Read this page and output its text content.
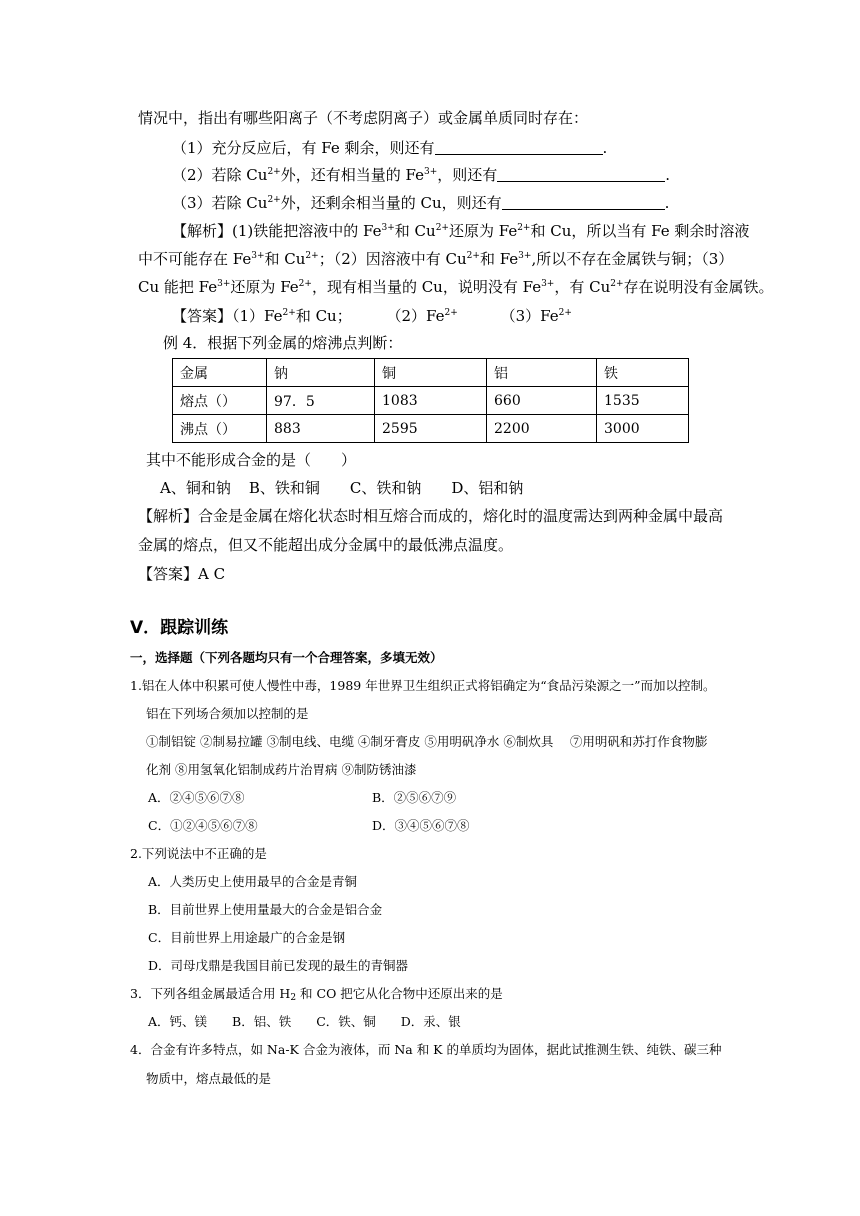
情况中，指出有哪些阳离子（不考虑阴离子）或金属单质同时存在：
（1）充分反应后，有 Fe 剩余，则还有	.
（2）若除 $Cu^{2+}$外，还有相当量的 $Fe^{3+}$，则还有	.
（3）若除 $Cu^{2+}$外，还剩余相当量的 Cu，则还有	.
【解析】(1)铁能把溶液中的 $Fe^{3+}$和 $Cu^{2+}$还原为 $Fe^{2+}$和 Cu，所以当有 Fe 剩余时溶液
中不可能存在 $Fe^{3+}$和 $Cu^{2+}$；（2）因溶液中有 $Cu^{2+}$和 $Fe^{3+}$,所以不存在金属铁与铜；（3）
Cu 能把 $Fe^{3+}$还原为 $Fe^{2+}$，现有相当量的 Cu，说明没有 $Fe^{3+}$，有 $Cu^{2+}$存在说明没有金属铁。
【答案】$(1)Fe^{2+}$和 Cu； $(2)Fe^{2+}$	$(3)Fe^{2+}$
例 4．根据下列金属的熔沸点判断：
金属	钠	铜	铝	铁
熔点（）	97．5	1083	660	1535
沸点（）	883	2595	2200	3000
其中不能形成合金的是（　　）
A、铜和钠 B、铁和铜 C、铁和钠 D、铝和钠
【解析】合金是金属在熔化状态时相互熔合而成的，熔化时的温度需达到两种金属中最高
金属的熔点，但又不能超出成分金属中的最低沸点温度。
【答案】A C
V．跟踪训练
一，选择题（下列各题均只有一个合理答案，多填无效）
1.铝在人体中积累可使人慢性中毒，1989 年世界卫生组织正式将铝确定为“食品污染源之一”而加以控制。
铝在下列场合须加以控制的是
①制铝锭 ②制易拉罐 ③制电线、电缆 ④制牙膏皮 ⑤用明矾净水 ⑥制炊具 　⑦用明矾和苏打作食物膨
化剂 ⑧用氢氧化铝制成药片治胃病 ⑨制防锈油漆
A．②④⑤⑥⑦⑧	B．②⑤⑥⑦⑨
C．①②④⑤⑥⑦⑧	D．③④⑤⑥⑦⑧
2.下列说法中不正确的是
A．人类历史上使用最早的合金是青铜
B．目前世界上使用量最大的合金是铝合金
C．目前世界上用途最广的合金是钢
D．司母戊鼎是我国目前已发现的最生的青铜器
3．下列各组金属最适合用 $H_2$ 和 CO 把它从化合物中还原出来的是
A．钙、镁　　B．铝、铁　　C．铁、铜　　D．汞、银
4．合金有许多特点，如 Na-K 合金为液体，而 Na 和 K 的单质均为固体，据此试推测生铁、纯铁、碳三种
物质中，熔点最低的是
